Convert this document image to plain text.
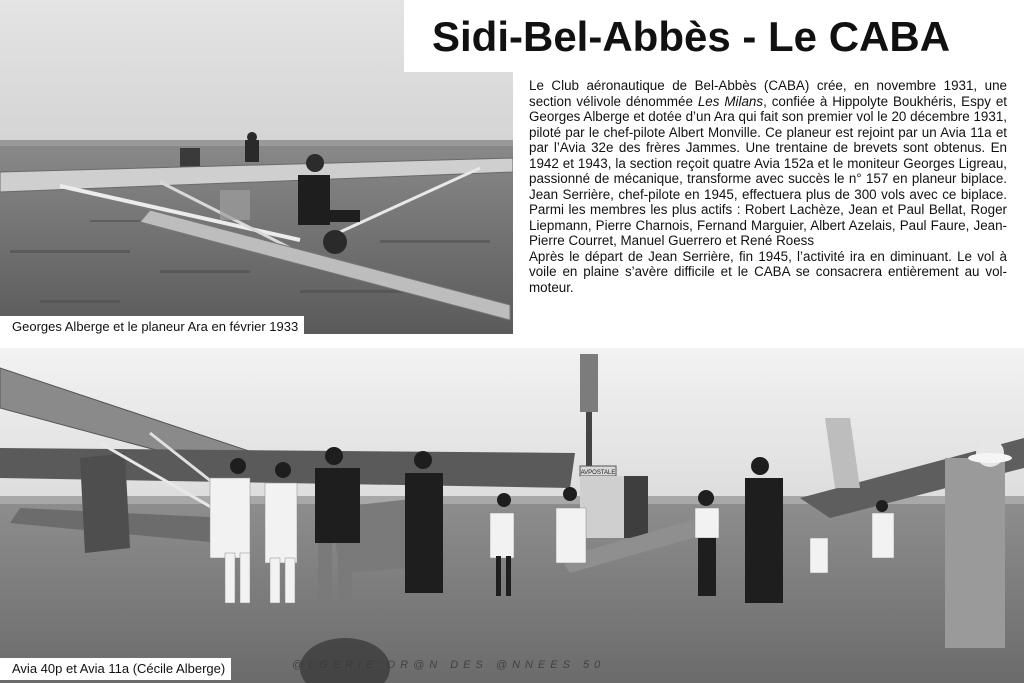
AVPOSTALE
Sidi-Bel-Abbès - Le CABA

Le Club aéronautique de Bel-Abbès (CABA) crée, en novembre 1931, une section vélivole dénommée Les Milans, confiée à Hippolyte Boukhéris, Espy et Georges Alberge et dotée d’un Ara qui fait son premier vol le 20 décembre 1931, piloté par le chef-pilote Albert Monville. Ce planeur est rejoint par un Avia 11a et par l’Avia 32e des frères Jammes. Une trentaine de brevets sont obtenus. En 1942 et 1943, la section reçoit quatre Avia 152a et le moniteur Georges Ligreau, passionné de mécanique, transforme avec succès le n° 157 en planeur biplace. Jean Serrière, chef-pilote en 1945, effectuera plus de 300 vols avec ce biplace. Parmi les membres les plus actifs : Robert Lachèze, Jean et Paul Bellat, Roger Liepmann, Pierre Charnois, Fernand Marguier, Albert Azelais, Paul Faure, Jean-Pierre Courret, Manuel Guerrero et René Roess

Après le départ de Jean Serrière, fin 1945, l’activité ira en diminuant. Le vol à voile en plaine s’avère difficile et le CABA se consacrera entièrement au vol-moteur.

Georges Alberge et le planeur Ara en février 1933
Avia 40p et Avia 11a (Cécile Alberge)	@LGERIE OR@N DES @NNEES 50
